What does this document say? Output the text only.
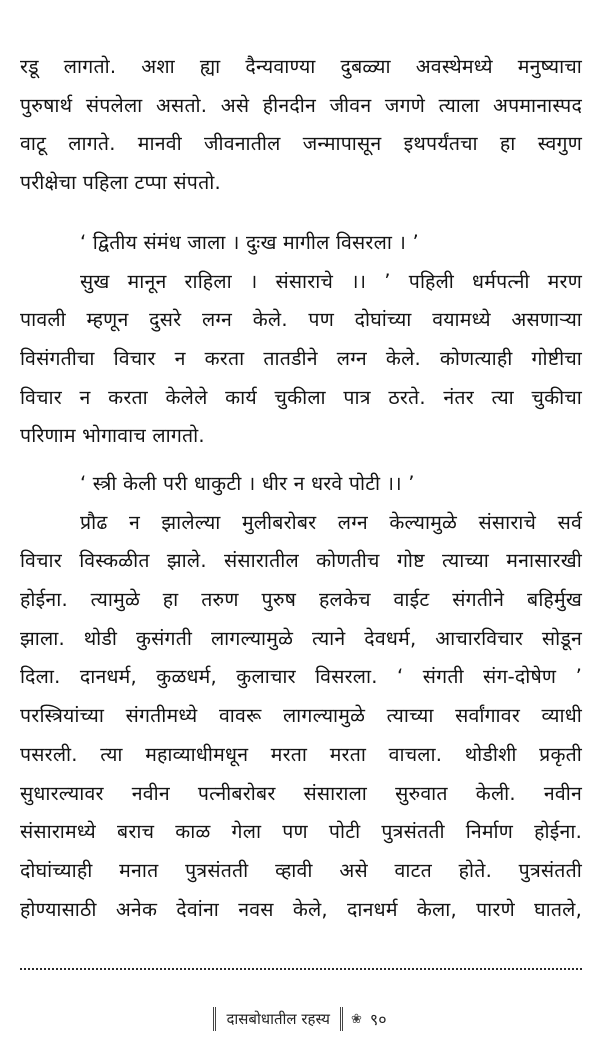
रडू लागतो. अशा ह्या दैन्यवाण्या दुबळ्या अवस्थेमध्ये मनुष्याचा
पुरुषार्थ संपलेला असतो. असे हीनदीन जीवन जगणे त्याला अपमानास्पद
वाटू लागते. मानवी जीवनातील जन्मापासून इथपर्यंतचा हा स्वगुण
परीक्षेचा पहिला टप्पा संपतो.
‘ द्वितीय संमंध जाला । दुःख मागील विसरला । ’
सुख मानून राहिला । संसाराचे ।। ’ पहिली धर्मपत्नी मरण
पावली म्हणून दुसरे लग्न केले. पण दोघांच्या वयामध्ये असणाऱ्या
विसंगतीचा विचार न करता तातडीने लग्न केले. कोणत्याही गोष्टीचा
विचार न करता केलेले कार्य चुकीला पात्र ठरते. नंतर त्या चुकीचा
परिणाम भोगावाच लागतो.
‘ स्त्री केली परी धाकुटी । धीर न धरवे पोटी ।। ’
प्रौढ न झालेल्या मुलीबरोबर लग्न केल्यामुळे संसाराचे सर्व
विचार विस्कळीत झाले. संसारातील कोणतीच गोष्ट त्याच्या मनासारखी
होईना. त्यामुळे हा तरुण पुरुष हलकेच वाईट संगतीने बहिर्मुख
झाला. थोडी कुसंगती लागल्यामुळे त्याने देवधर्म, आचारविचार सोडून
दिला. दानधर्म, कुळधर्म, कुलाचार विसरला. ‘ संगती संग-दोषेण ’
परस्त्रियांच्या संगतीमध्ये वावरू लागल्यामुळे त्याच्या सर्वांगावर व्याधी
पसरली. त्या महाव्याधीमधून मरता मरता वाचला. थोडीशी प्रकृती
सुधारल्यावर नवीन पत्नीबरोबर संसाराला सुरुवात केली. नवीन
संसारामध्ये बराच काळ गेला पण पोटी पुत्रसंतती निर्माण होईना.
दोघांच्याही मनात पुत्रसंतती व्हावी असे वाटत होते. पुत्रसंतती
होण्यासाठी अनेक देवांना नवस केले, दानधर्म केला, पारणे घातले,
दासबोधातील रहस्य	❀ ९०
